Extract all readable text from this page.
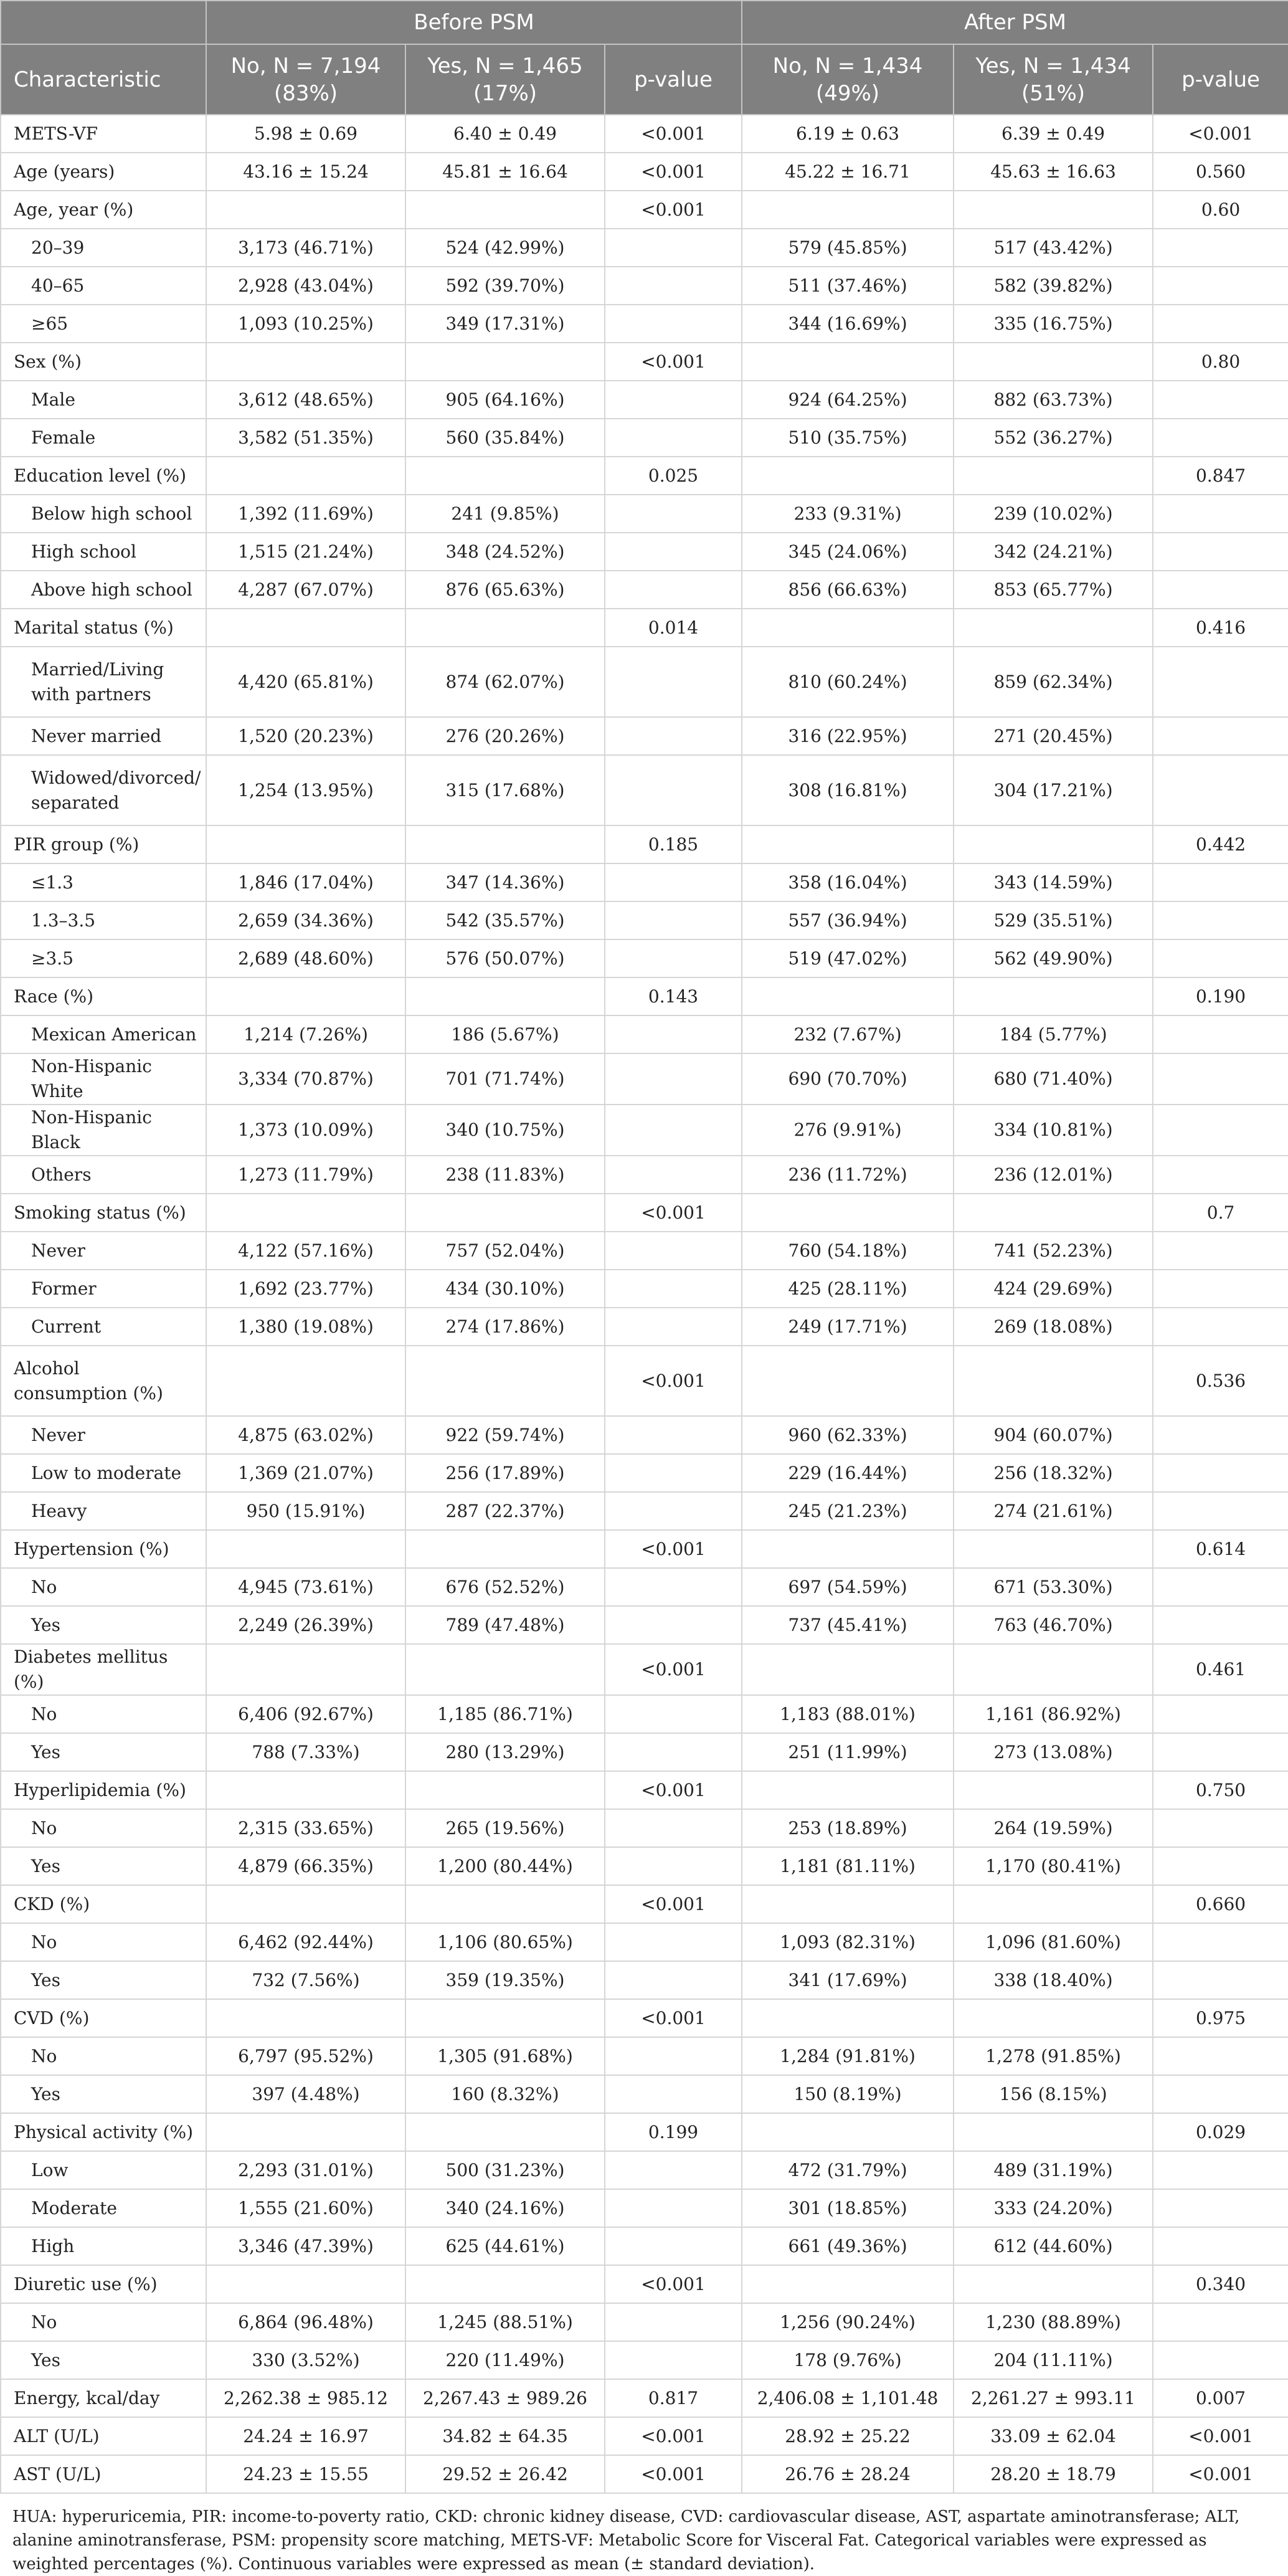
	Before PSM			After PSM		
Characteristic	No, N = 7,194 (83%)	Yes, N = 1,465 (17%)	p-value	No, N = 1,434 (49%)	Yes, N = 1,434 (51%)	p-value
METS-VF	5.98 ± 0.69	6.40 ± 0.49	<0.001	6.19 ± 0.63	6.39 ± 0.49	<0.001
Age (years)	43.16 ± 15.24	45.81 ± 16.64	<0.001	45.22 ± 16.71	45.63 ± 16.63	0.560
Age, year (%)			<0.001			0.60
20–39	3,173 (46.71%)	524 (42.99%)		579 (45.85%)	517 (43.42%)	
40–65	2,928 (43.04%)	592 (39.70%)		511 (37.46%)	582 (39.82%)	
≥65	1,093 (10.25%)	349 (17.31%)		344 (16.69%)	335 (16.75%)	
Sex (%)			<0.001			0.80
Male	3,612 (48.65%)	905 (64.16%)		924 (64.25%)	882 (63.73%)	
Female	3,582 (51.35%)	560 (35.84%)		510 (35.75%)	552 (36.27%)	
Education level (%)			0.025			0.847
Below high school	1,392 (11.69%)	241 (9.85%)		233 (9.31%)	239 (10.02%)	
High school	1,515 (21.24%)	348 (24.52%)		345 (24.06%)	342 (24.21%)	
Above high school	4,287 (67.07%)	876 (65.63%)		856 (66.63%)	853 (65.77%)	
Marital status (%)			0.014			0.416
Married/Living with partners	4,420 (65.81%)	874 (62.07%)		810 (60.24%)	859 (62.34%)	
Never married	1,520 (20.23%)	276 (20.26%)		316 (22.95%)	271 (20.45%)	
Widowed/divorced/ separated	1,254 (13.95%)	315 (17.68%)		308 (16.81%)	304 (17.21%)	
PIR group (%)			0.185			0.442
≤1.3	1,846 (17.04%)	347 (14.36%)		358 (16.04%)	343 (14.59%)	
1.3–3.5	2,659 (34.36%)	542 (35.57%)		557 (36.94%)	529 (35.51%)	
≥3.5	2,689 (48.60%)	576 (50.07%)		519 (47.02%)	562 (49.90%)	
Race (%)			0.143			0.190
Mexican American	1,214 (7.26%)	186 (5.67%)		232 (7.67%)	184 (5.77%)	
Non-Hispanic White	3,334 (70.87%)	701 (71.74%)		690 (70.70%)	680 (71.40%)	
Non-Hispanic Black	1,373 (10.09%)	340 (10.75%)		276 (9.91%)	334 (10.81%)	
Others	1,273 (11.79%)	238 (11.83%)		236 (11.72%)	236 (12.01%)	
Smoking status (%)			<0.001			0.7
Never	4,122 (57.16%)	757 (52.04%)		760 (54.18%)	741 (52.23%)	
Former	1,692 (23.77%)	434 (30.10%)		425 (28.11%)	424 (29.69%)	
Current	1,380 (19.08%)	274 (17.86%)		249 (17.71%)	269 (18.08%)	
Alcohol consumption (%)			<0.001			0.536
Never	4,875 (63.02%)	922 (59.74%)		960 (62.33%)	904 (60.07%)	
Low to moderate	1,369 (21.07%)	256 (17.89%)		229 (16.44%)	256 (18.32%)	
Heavy	950 (15.91%)	287 (22.37%)		245 (21.23%)	274 (21.61%)	
Hypertension (%)			<0.001			0.614
No	4,945 (73.61%)	676 (52.52%)		697 (54.59%)	671 (53.30%)	
Yes	2,249 (26.39%)	789 (47.48%)		737 (45.41%)	763 (46.70%)	
Diabetes mellitus (%)			<0.001			0.461
No	6,406 (92.67%)	1,185 (86.71%)		1,183 (88.01%)	1,161 (86.92%)	
Yes	788 (7.33%)	280 (13.29%)		251 (11.99%)	273 (13.08%)	
Hyperlipidemia (%)			<0.001			0.750
No	2,315 (33.65%)	265 (19.56%)		253 (18.89%)	264 (19.59%)	
Yes	4,879 (66.35%)	1,200 (80.44%)		1,181 (81.11%)	1,170 (80.41%)	
CKD (%)			<0.001			0.660
No	6,462 (92.44%)	1,106 (80.65%)		1,093 (82.31%)	1,096 (81.60%)	
Yes	732 (7.56%)	359 (19.35%)		341 (17.69%)	338 (18.40%)	
CVD (%)			<0.001			0.975
No	6,797 (95.52%)	1,305 (91.68%)		1,284 (91.81%)	1,278 (91.85%)	
Yes	397 (4.48%)	160 (8.32%)		150 (8.19%)	156 (8.15%)	
Physical activity (%)			0.199			0.029
Low	2,293 (31.01%)	500 (31.23%)		472 (31.79%)	489 (31.19%)	
Moderate	1,555 (21.60%)	340 (24.16%)		301 (18.85%)	333 (24.20%)	
High	3,346 (47.39%)	625 (44.61%)		661 (49.36%)	612 (44.60%)	
Diuretic use (%)			<0.001			0.340
No	6,864 (96.48%)	1,245 (88.51%)		1,256 (90.24%)	1,230 (88.89%)	
Yes	330 (3.52%)	220 (11.49%)		178 (9.76%)	204 (11.11%)	
Energy, kcal/day	2,262.38 ± 985.12	2,267.43 ± 989.26	0.817	2,406.08 ± 1,101.48	2,261.27 ± 993.11	0.007
ALT (U/L)	24.24 ± 16.97	34.82 ± 64.35	<0.001	28.92 ± 25.22	33.09 ± 62.04	<0.001
AST (U/L)	24.23 ± 15.55	29.52 ± 26.42	<0.001	26.76 ± 28.24	28.20 ± 18.79	<0.001
HUA: hyperuricemia, PIR: income-to-poverty ratio, CKD: chronic kidney disease, CVD: cardiovascular disease, AST, aspartate aminotransferase; ALT, alanine aminotransferase, PSM: propensity score matching, METS-VF: Metabolic Score for Visceral Fat. Categorical variables were expressed as weighted percentages (%). Continuous variables were expressed as mean (± standard deviation).
